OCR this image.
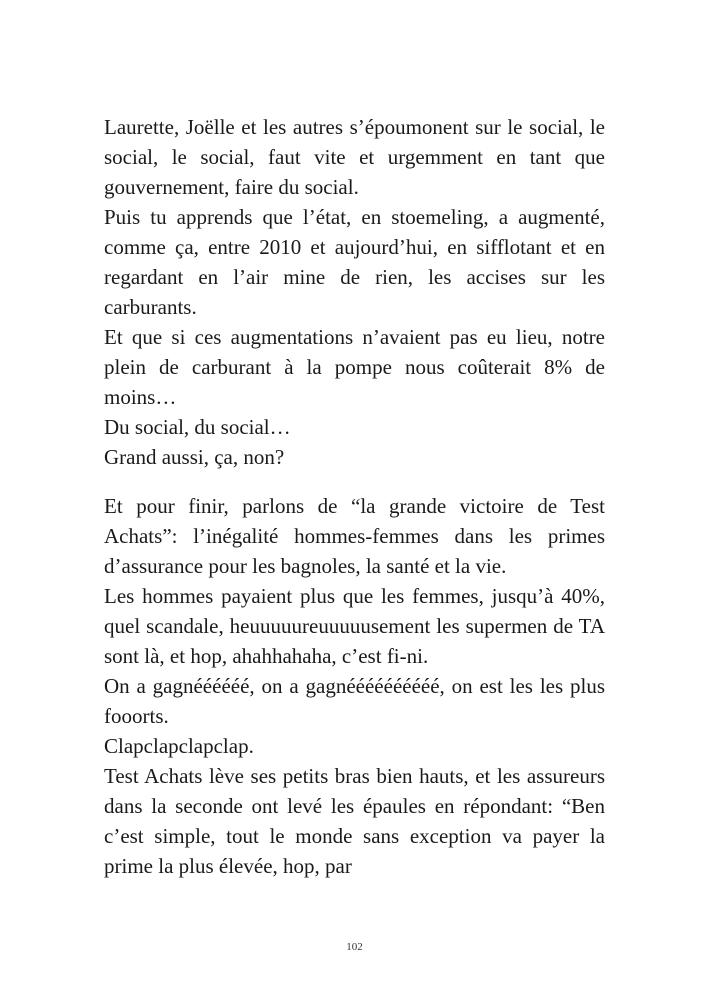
Laurette, Joëlle et les autres s’époumonent sur le social, le social, le social, faut vite et urgemment en tant que gouvernement, faire du social.

Puis tu apprends que l’état, en stoemeling, a augmenté, comme ça, entre 2010 et aujourd’hui, en sifflotant et en regardant en l’air mine de rien, les accises sur les carburants.

Et que si ces augmentations n’avaient pas eu lieu, notre plein de carburant à la pompe nous coûterait 8% de moins…

Du social, du social…

Grand aussi, ça, non?

Et pour finir, parlons de “la grande victoire de Test Achats”: l’inégalité hommes-femmes dans les primes d’assurance pour les bagnoles, la santé et la vie.

Les hommes payaient plus que les femmes, jusqu’à 40%, quel scandale, heuuuuureuuuuusement les supermen de TA sont là, et hop, ahahhahaha, c’est fi-ni.

On a gagnéééééé, on a gagnéééééééééé, on est les les plus fooorts.

Clapclapclapclap.

Test Achats lève ses petits bras bien hauts, et les assureurs dans la seconde ont levé les épaules en répondant: “Ben c’est simple, tout le monde sans exception va payer la prime la plus élevée, hop, par

102
